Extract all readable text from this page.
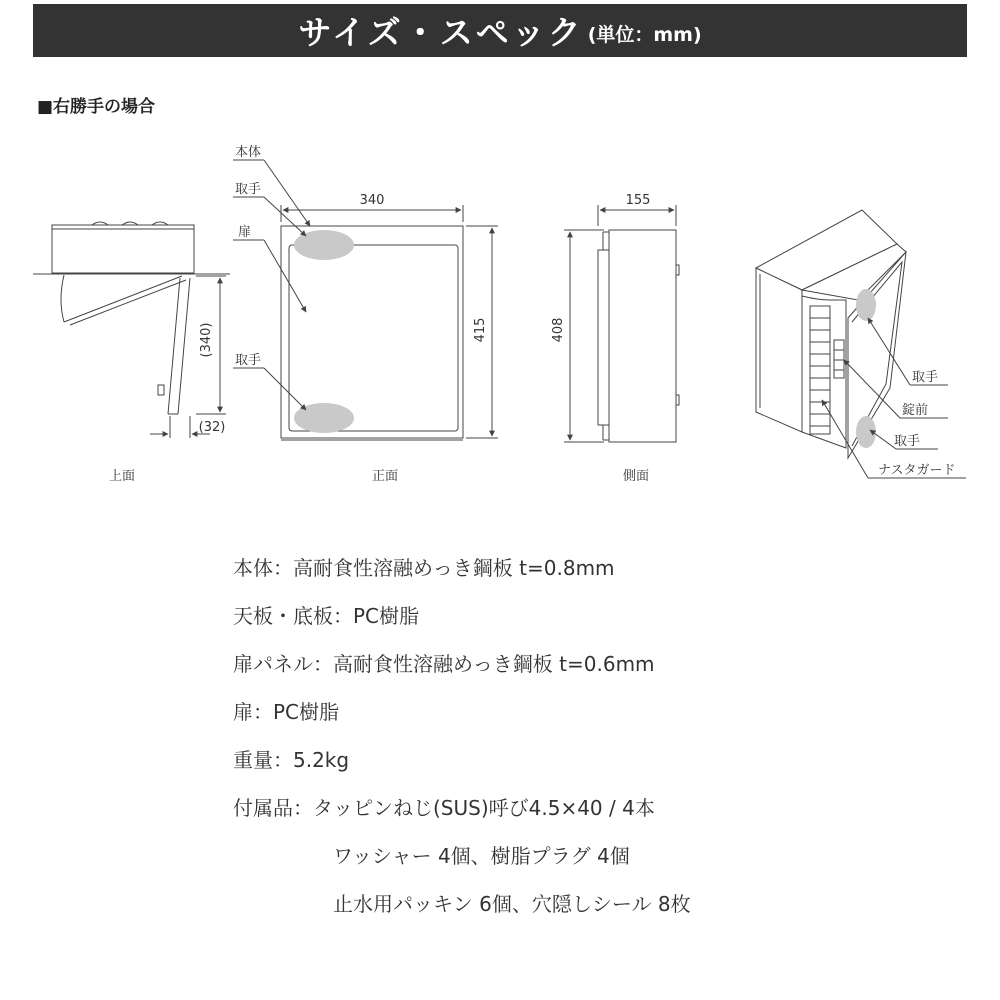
サイズ・スペック (単位：mm)
■右勝手の場合
(340)
(32)
上面
本体
取手
扉
取手
340
415
正面
155
408
側面
取手
錠前
取手
ナスタガード
本体：高耐食性溶融めっき鋼板 t=0.8mm
天板・底板：PC樹脂
扉パネル：高耐食性溶融めっき鋼板 t=0.6mm
扉：PC樹脂
重量：5.2kg
付属品：タッピンねじ(SUS)呼び4.5×40 / 4本
ワッシャー 4個、樹脂プラグ 4個
止水用パッキン 6個、穴隠しシール 8枚
